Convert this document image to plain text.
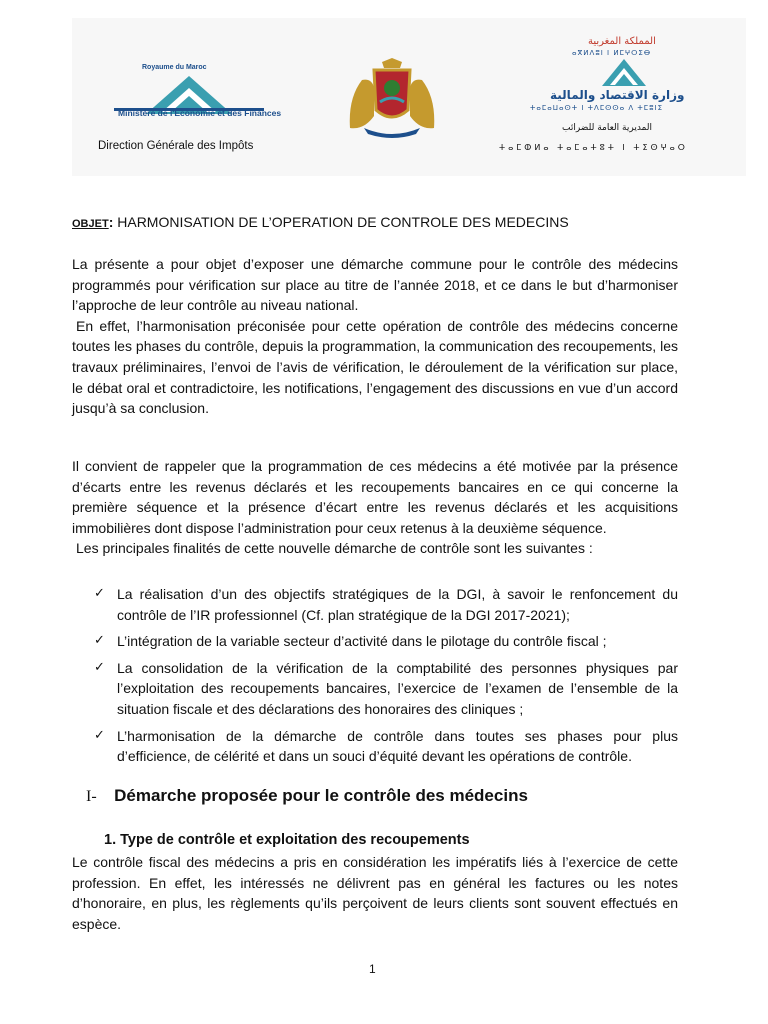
Royaume du Maroc
Ministère de l'Economie et des Finances
Direction Générale des Impôts
المملكة المغربية
ⴰⴳⵍⴷⵓⵏ ⵏ ⵍⵎⵖⵔⵉⴱ
وزارة الاقتصاد والمالية
ⵜⴰⵎⴰⵡⴰⵙⵜ ⵏ ⵜⴷⵎⵙⵙⴰ ⴷ ⵜⵎⵓⵏⵉ
المديرية العامة للضرائب
ⵜⴰⵎⵀⵍⴰ ⵜⴰⵎⴰⵜⵓⵜ ⵏ ⵜⵉⵙⵖⴰⵔ
OBJET: HARMONISATION DE L’OPERATION DE CONTROLE DES MEDECINS

La présente a pour objet d’exposer une démarche commune pour le contrôle des médecins programmés pour vérification sur place au titre de l’année 2018, et ce dans le but d’harmoniser l’approche de leur contrôle au niveau national.

En effet, l’harmonisation préconisée pour cette opération de contrôle des médecins concerne toutes les phases du contrôle, depuis la programmation, la communication des recoupements, les travaux préliminaires, l’envoi de l’avis de vérification, le déroulement de la vérification sur place, le débat oral et contradictoire, les notifications, l’engagement des discussions en vue d’un accord jusqu’à sa conclusion.

Il convient de rappeler que la programmation de ces médecins a été motivée par la présence d’écarts entre les revenus déclarés et les recoupements bancaires en ce qui concerne la première séquence et la présence d’écart entre les revenus déclarés et les acquisitions immobilières dont dispose l’administration pour ceux retenus à la deuxième séquence.

Les principales finalités de cette nouvelle démarche de contrôle sont les suivantes :

✓ La réalisation d’un des objectifs stratégiques de la DGI, à savoir le renfoncement du contrôle de l’IR professionnel (Cf. plan stratégique de la DGI 2017-2021);
✓ L’intégration de la variable secteur d’activité dans le pilotage du contrôle fiscal ;
✓ La consolidation de la vérification de la comptabilité des personnes physiques par l’exploitation des recoupements bancaires, l’exercice de l’examen de l’ensemble de la situation fiscale et des déclarations des honoraires des cliniques ;
✓ L’harmonisation de la démarche de contrôle dans toutes ses phases pour plus d’efficience, de célérité et dans un souci d’équité devant les opérations de contrôle.
I- Démarche proposée pour le contrôle des médecins
1. Type de contrôle et exploitation des recoupements

Le contrôle fiscal des médecins a pris en considération les impératifs liés à l’exercice de cette profession. En effet, les intéressés ne délivrent pas en général les factures ou les notes d’honoraire, en plus, les règlements qu’ils perçoivent de leurs clients sont souvent effectués en espèce.

1
